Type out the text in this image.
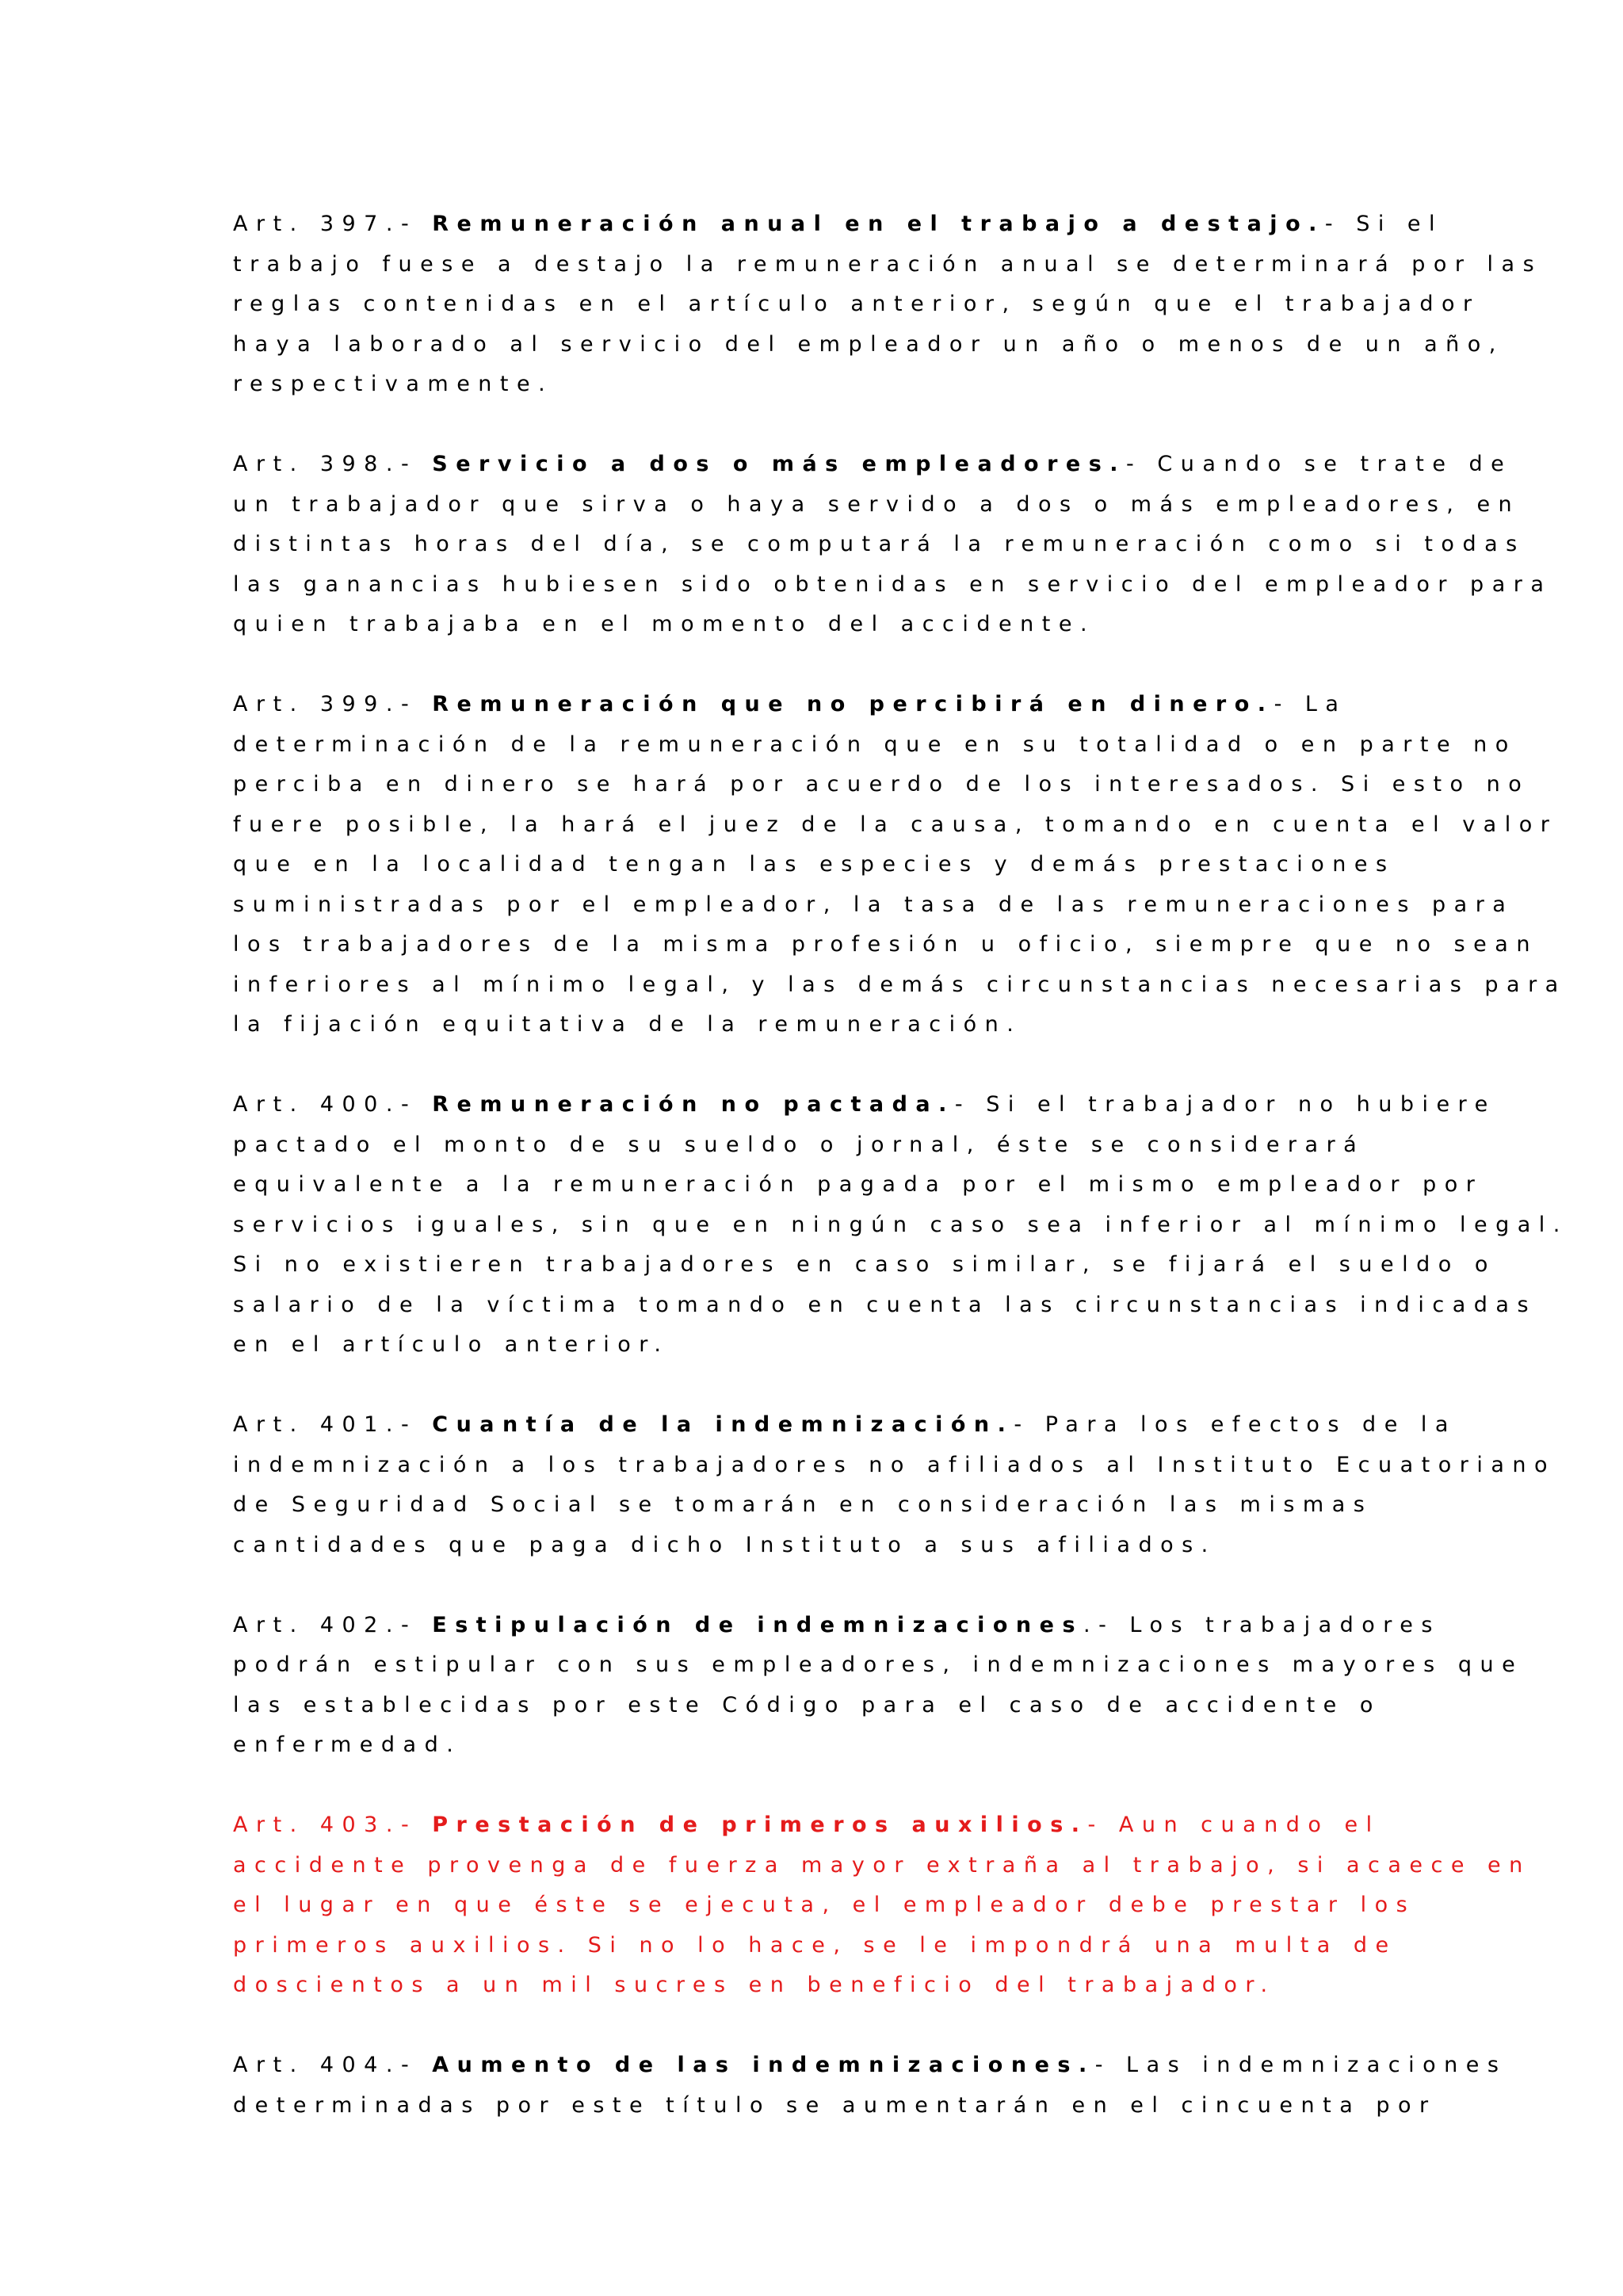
Art. 397.- Remuneración anual en el trabajo a destajo.- Si el
trabajo fuese a destajo la remuneración anual se determinará por las
reglas contenidas en el artículo anterior, según que el trabajador
haya laborado al servicio del empleador un año o menos de un año,
respectivamente.
Art. 398.- Servicio a dos o más empleadores.- Cuando se trate de
un trabajador que sirva o haya servido a dos o más empleadores, en
distintas horas del día, se computará la remuneración como si todas
las ganancias hubiesen sido obtenidas en servicio del empleador para
quien trabajaba en el momento del accidente.
Art. 399.- Remuneración que no percibirá en dinero.- La
determinación de la remuneración que en su totalidad o en parte no
perciba en dinero se hará por acuerdo de los interesados. Si esto no
fuere posible, la hará el juez de la causa, tomando en cuenta el valor
que en la localidad tengan las especies y demás prestaciones
suministradas por el empleador, la tasa de las remuneraciones para
los trabajadores de la misma profesión u oficio, siempre que no sean
inferiores al mínimo legal, y las demás circunstancias necesarias para
la fijación equitativa de la remuneración.
Art. 400.- Remuneración no pactada.- Si el trabajador no hubiere
pactado el monto de su sueldo o jornal, éste se considerará
equivalente a la remuneración pagada por el mismo empleador por
servicios iguales, sin que en ningún caso sea inferior al mínimo legal.
Si no existieren trabajadores en caso similar, se fijará el sueldo o
salario de la víctima tomando en cuenta las circunstancias indicadas
en el artículo anterior.
Art. 401.- Cuantía de la indemnización.- Para los efectos de la
indemnización a los trabajadores no afiliados al Instituto Ecuatoriano
de Seguridad Social se tomarán en consideración las mismas
cantidades que paga dicho Instituto a sus afiliados.
Art. 402.- Estipulación de indemnizaciones.- Los trabajadores
podrán estipular con sus empleadores, indemnizaciones mayores que
las establecidas por este Código para el caso de accidente o
enfermedad.
Art. 403.- Prestación de primeros auxilios.- Aun cuando el
accidente provenga de fuerza mayor extraña al trabajo, si acaece en
el lugar en que éste se ejecuta, el empleador debe prestar los
primeros auxilios. Si no lo hace, se le impondrá una multa de
doscientos a un mil sucres en beneficio del trabajador.
Art. 404.- Aumento de las indemnizaciones.- Las indemnizaciones
determinadas por este título se aumentarán en el cincuenta por
